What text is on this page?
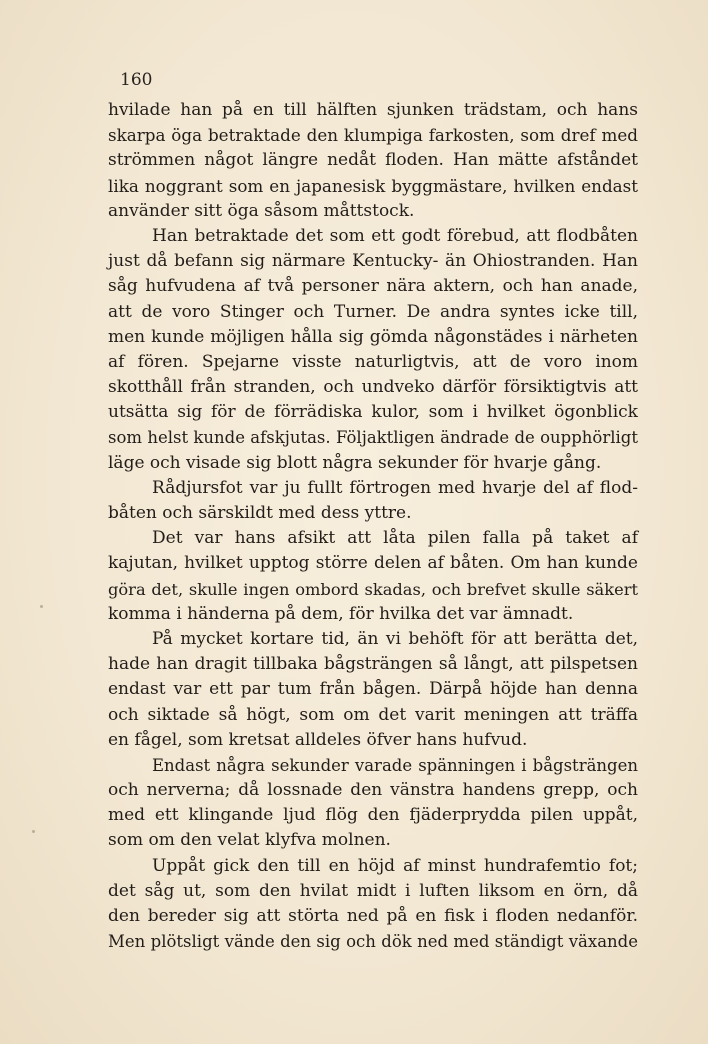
160
hvilade han på en till hälften sjunken trädstam, och hans
skarpa öga betraktade den klumpiga farkosten, som dref med
strömmen något längre nedåt floden. Han mätte afståndet
lika noggrant som en japanesisk byggmästare, hvilken endast
använder sitt öga såsom måttstock.
Han betraktade det som ett godt förebud, att flodbåten
just då befann sig närmare Kentucky- än Ohiostranden. Han
såg hufvudena af två personer nära aktern, och han anade,
att de voro Stinger och Turner. De andra syntes icke till,
men kunde möjligen hålla sig gömda någonstädes i närheten
af fören. Spejarne visste naturligtvis, att de voro inom
skotthåll från stranden, och undveko därför försiktigtvis att
utsätta sig för de förrädiska kulor, som i hvilket ögonblick
som helst kunde afskjutas. Följaktligen ändrade de oupphörligt
läge och visade sig blott några sekunder för hvarje gång.
Rådjursfot var ju fullt förtrogen med hvarje del af flod-
båten och särskildt med dess yttre.
Det var hans afsikt att låta pilen falla på taket af
kajutan, hvilket upptog större delen af båten. Om han kunde
göra det, skulle ingen ombord skadas, och brefvet skulle säkert
komma i händerna på dem, för hvilka det var ämnadt.
På mycket kortare tid, än vi behöft för att berätta det,
hade han dragit tillbaka bågsträngen så långt, att pilspetsen
endast var ett par tum från bågen. Därpå höjde han denna
och siktade så högt, som om det varit meningen att träffa
en fågel, som kretsat alldeles öfver hans hufvud.
Endast några sekunder varade spänningen i bågsträngen
och nerverna; då lossnade den vänstra handens grepp, och
med ett klingande ljud flög den fjäderprydda pilen uppåt,
som om den velat klyfva molnen.
Uppåt gick den till en höjd af minst hundrafemtio fot;
det såg ut, som den hvilat midt i luften liksom en örn, då
den bereder sig att störta ned på en fisk i floden nedanför.
Men plötsligt vände den sig och dök ned med ständigt växande
